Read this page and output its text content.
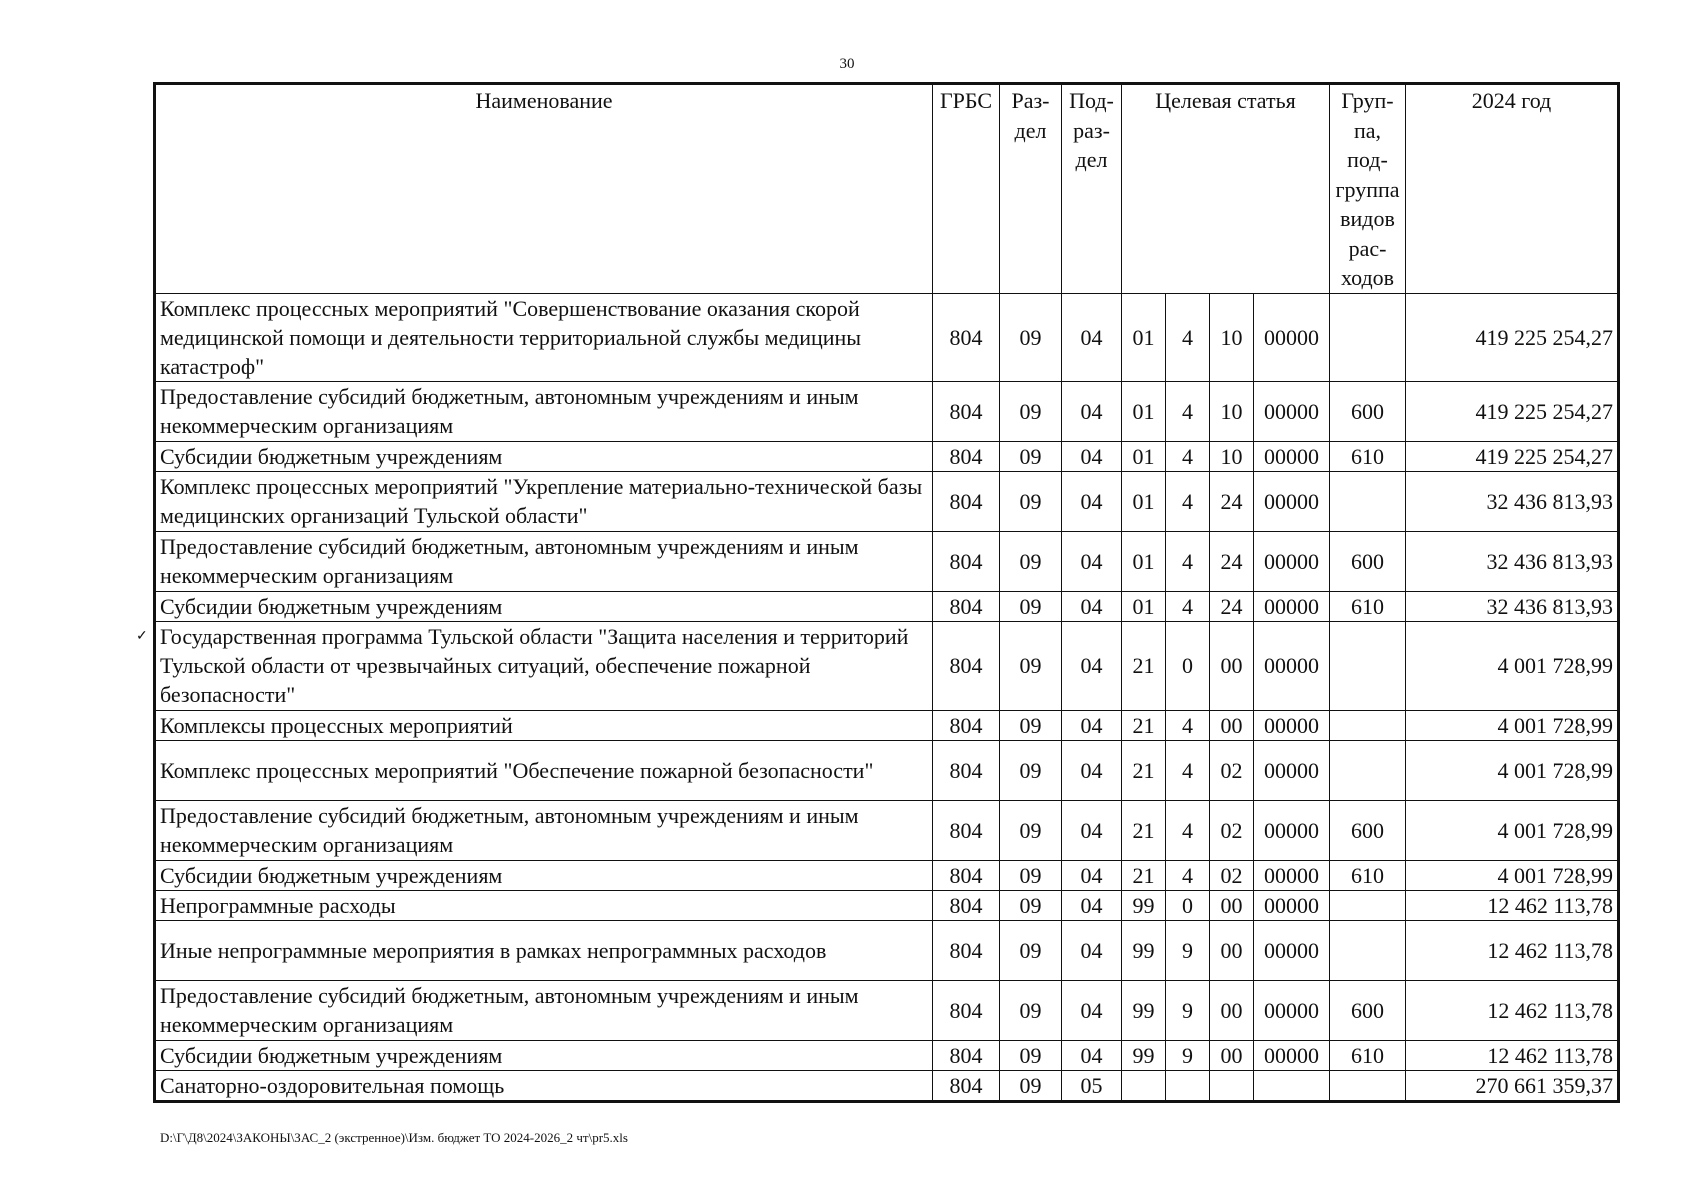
30
✓
Наименование	ГРБС	Раз- дел	Под- раз- дел	Целевая статья				Груп- па, под- группа видов рас- ходов	2024 год
Комплекс процессных мероприятий "Совершенствование оказания скорой медицинской помощи и деятельности территориальной службы медицины катастроф"	804	09	04	01	4	10	00000		419 225 254,27
Предоставление субсидий бюджетным, автономным учреждениям и иным некоммерческим организациям	804	09	04	01	4	10	00000	600	419 225 254,27
Субсидии бюджетным учреждениям	804	09	04	01	4	10	00000	610	419 225 254,27
Комплекс процессных мероприятий "Укрепление материально-технической базы медицинских организаций Тульской области"	804	09	04	01	4	24	00000		32 436 813,93
Предоставление субсидий бюджетным, автономным учреждениям и иным некоммерческим организациям	804	09	04	01	4	24	00000	600	32 436 813,93
Субсидии бюджетным учреждениям	804	09	04	01	4	24	00000	610	32 436 813,93
Государственная программа Тульской области "Защита населения и территорий Тульской области от чрезвычайных ситуаций, обеспечение пожарной безопасности"	804	09	04	21	0	00	00000		4 001 728,99
Комплексы процессных мероприятий	804	09	04	21	4	00	00000		4 001 728,99
Комплекс процессных мероприятий "Обеспечение пожарной безопасности"	804	09	04	21	4	02	00000		4 001 728,99
Предоставление субсидий бюджетным, автономным учреждениям и иным некоммерческим организациям	804	09	04	21	4	02	00000	600	4 001 728,99
Субсидии бюджетным учреждениям	804	09	04	21	4	02	00000	610	4 001 728,99
Непрограммные расходы	804	09	04	99	0	00	00000		12 462 113,78
Иные непрограммные мероприятия в рамках непрограммных расходов	804	09	04	99	9	00	00000		12 462 113,78
Предоставление субсидий бюджетным, автономным учреждениям и иным некоммерческим организациям	804	09	04	99	9	00	00000	600	12 462 113,78
Субсидии бюджетным учреждениям	804	09	04	99	9	00	00000	610	12 462 113,78
Санаторно-оздоровительная помощь	804	09	05						270 661 359,37
D:\Г\Д8\2024\ЗАКОНЫ\ЗАС_2 (экстренное)\Изм. бюджет ТО 2024-2026_2 чт\pr5.xls
